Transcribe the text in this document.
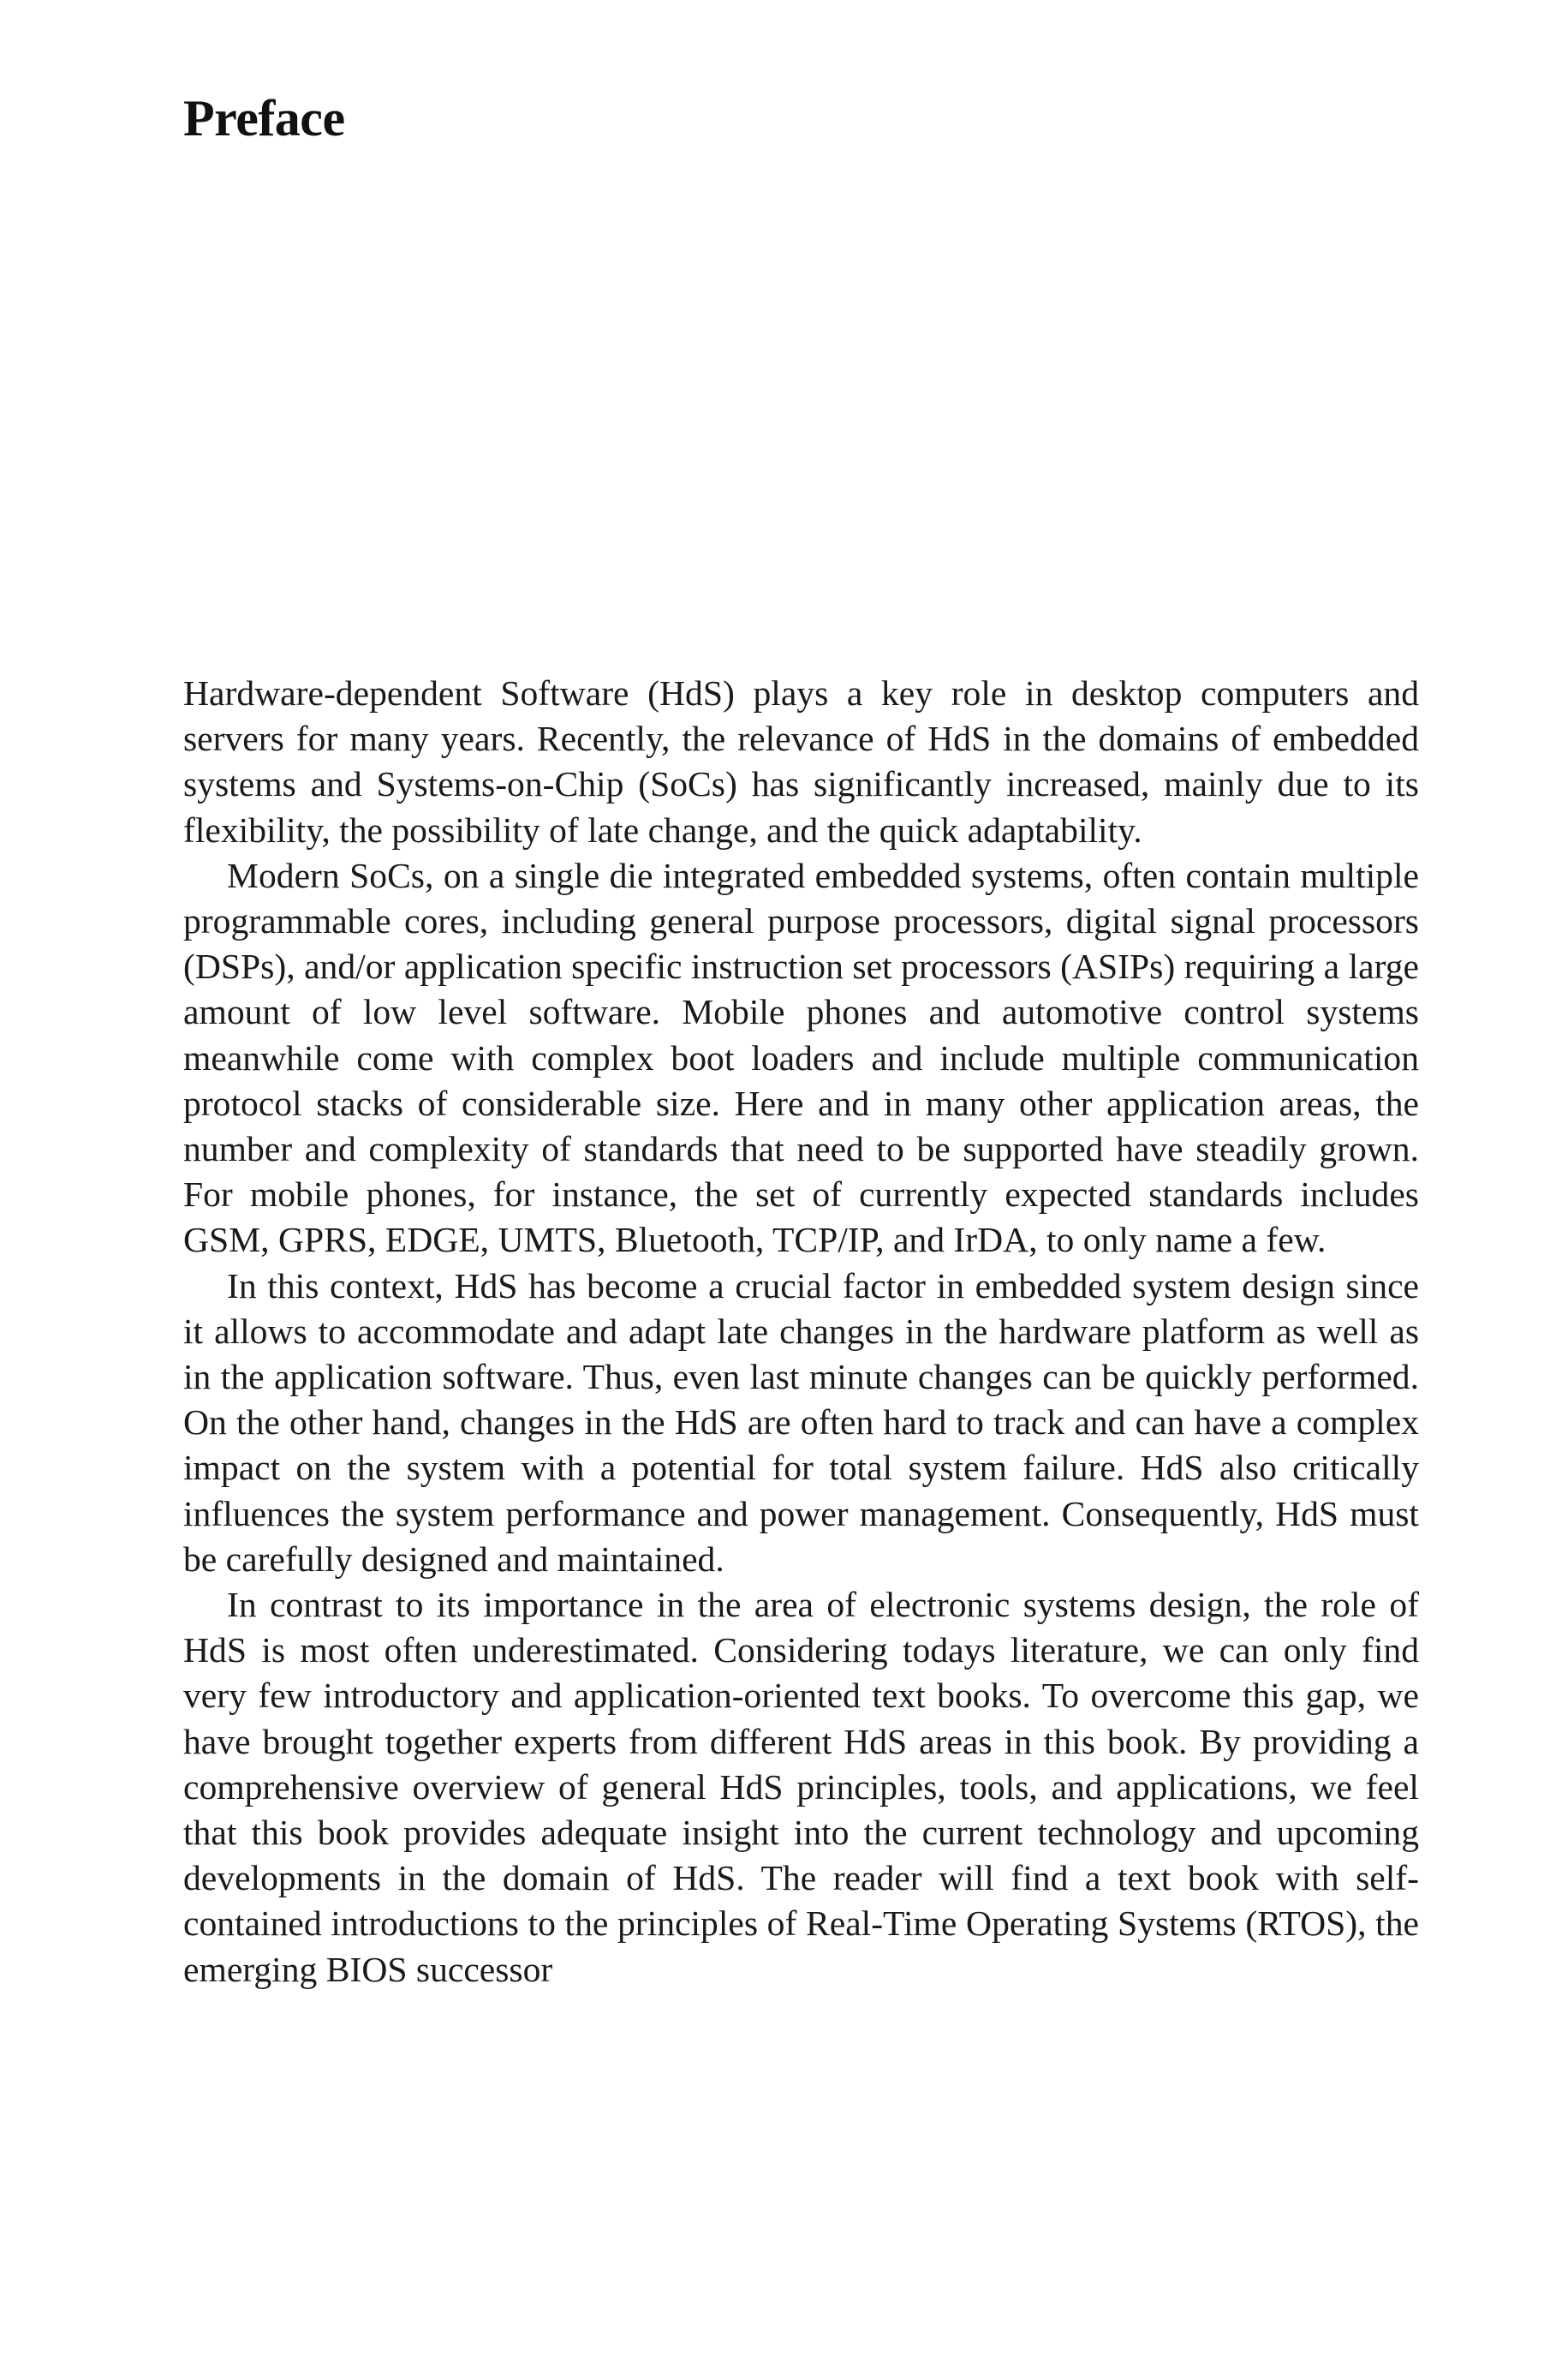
Preface

Hardware-dependent Software (HdS) plays a key role in desktop computers and servers for many years. Recently, the relevance of HdS in the domains of embedded systems and Systems-on-Chip (SoCs) has significantly increased, mainly due to its flexibility, the possibility of late change, and the quick adaptability.

Modern SoCs, on a single die integrated embedded systems, often contain multiple programmable cores, including general purpose processors, digital signal processors (DSPs), and/or application specific instruction set processors (ASIPs) requiring a large amount of low level software. Mobile phones and automotive control systems meanwhile come with complex boot loaders and include multiple communication protocol stacks of considerable size. Here and in many other application areas, the number and complexity of standards that need to be supported have steadily grown. For mobile phones, for instance, the set of currently expected standards includes GSM, GPRS, EDGE, UMTS, Bluetooth, TCP/IP, and IrDA, to only name a few.

In this context, HdS has become a crucial factor in embedded system design since it allows to accommodate and adapt late changes in the hardware platform as well as in the application software. Thus, even last minute changes can be quickly performed. On the other hand, changes in the HdS are often hard to track and can have a complex impact on the system with a potential for total system failure. HdS also critically influences the system performance and power management. Consequently, HdS must be carefully designed and maintained.

In contrast to its importance in the area of electronic systems design, the role of HdS is most often underestimated. Considering todays literature, we can only find very few introductory and application-oriented text books. To overcome this gap, we have brought together experts from different HdS areas in this book. By providing a comprehensive overview of general HdS principles, tools, and applications, we feel that this book provides adequate insight into the current technology and upcoming developments in the domain of HdS. The reader will find a text book with self-contained introductions to the principles of Real-Time Operating Systems (RTOS), the emerging BIOS successor
